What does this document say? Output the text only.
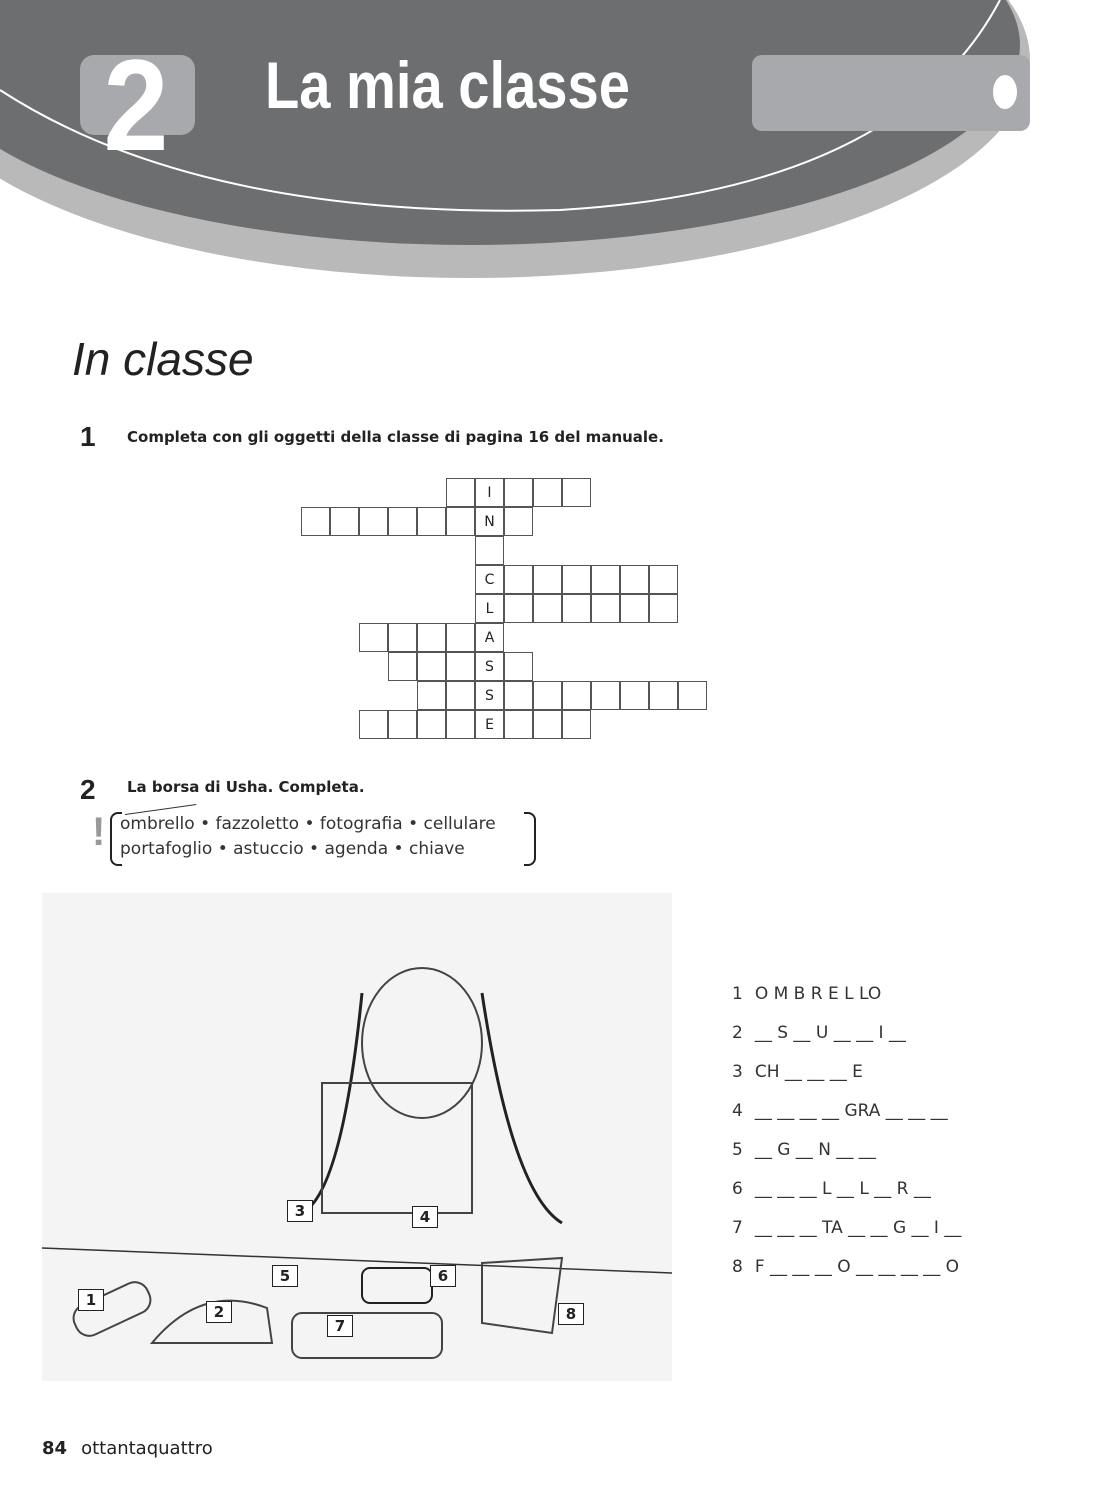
2 La mia classe
In classe
1 Completa con gli oggetti della classe di pagina 16 del manuale.
I
N
C
L
A
S
S
E
2 La borsa di Usha. Completa.
! ombrello • fazzoletto • fotografia • cellulare
portafoglio • astuccio • agenda • chiave
1
2
3	4
5	6
7
8
1 O M B R E L LO
2 __ S __ U __ __ I __
3 CH __ __ __ E
4 __ __ __ __ GRA __ __ __
5 __ G __ N __ __
6 __ __ __ L __ L __ R __
7 __ __ __ TA __ __ G __ I __
8 F __ __ __ O __ __ __ __ O
84 ottantaquattro
